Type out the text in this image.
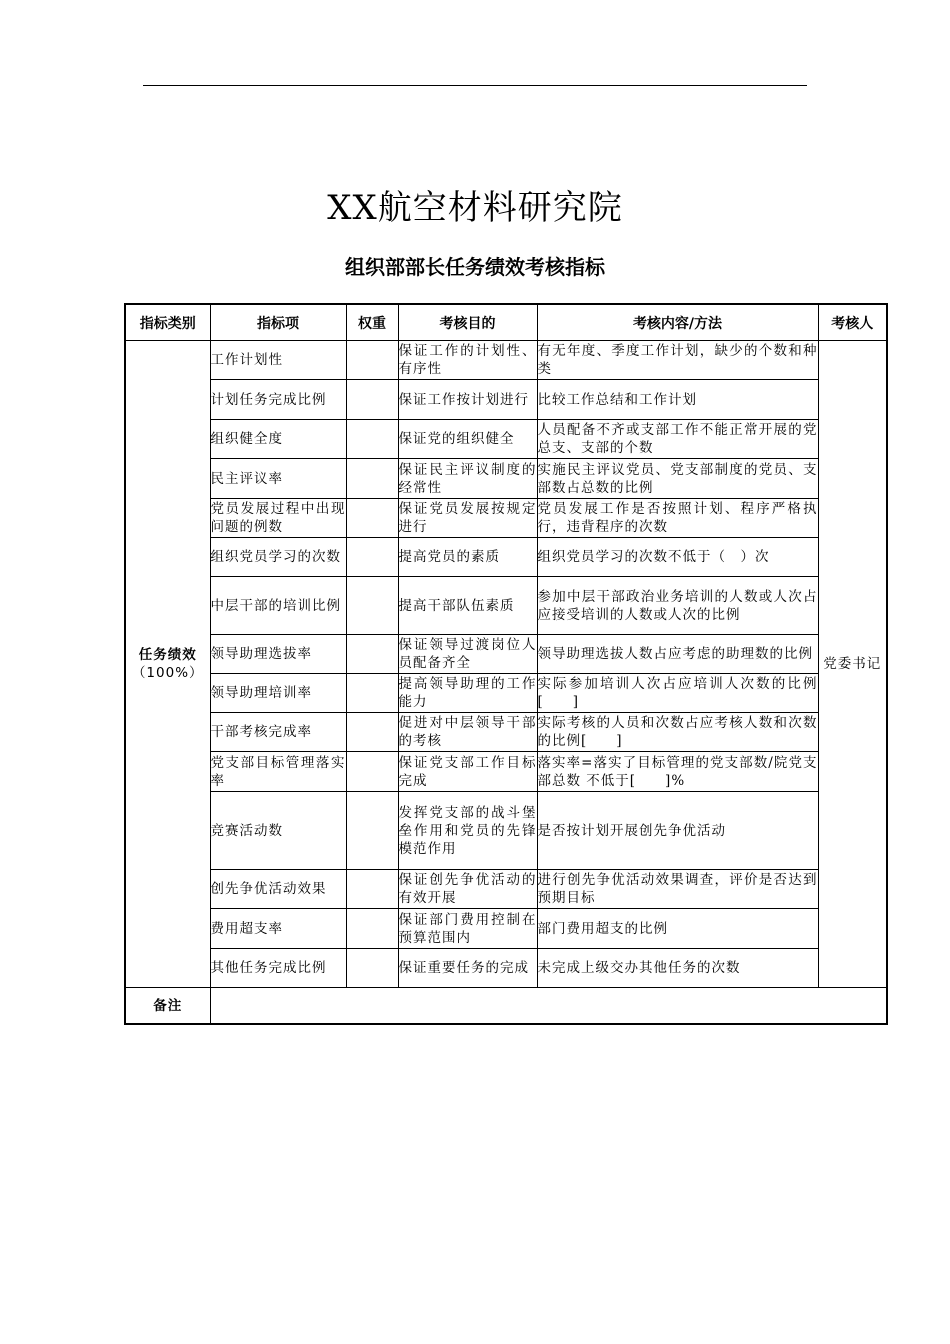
XX航空材料研究院
组织部部长任务绩效考核指标
指标类别	指标项	权重	考核目的	考核内容/方法	考核人

任务绩效
（100%）	工作计划性		保证工作的计划性、有序性	有无年度、季度工作计划，缺少的个数和种类	党委书记
	计划任务完成比例		保证工作按计划进行	比较工作总结和工作计划	
	组织健全度		保证党的组织健全	人员配备不齐或支部工作不能正常开展的党总支、支部的个数	
	民主评议率		保证民主评议制度的经常性	实施民主评议党员、党支部制度的党员、支部数占总数的比例	
	党员发展过程中出现问题的例数		保证党员发展按规定进行	党员发展工作是否按照计划、程序严格执行，违背程序的次数	
	组织党员学习的次数		提高党员的素质	组织党员学习的次数不低于（　）次	
	中层干部的培训比例		提高干部队伍素质	参加中层干部政治业务培训的人数或人次占应接受培训的人数或人次的比例	
	领导助理选拔率		保证领导过渡岗位人员配备齐全	领导助理选拔人数占应考虑的助理数的比例	
	领导助理培训率		提高领导助理的工作能力	实际参加培训人次占应培训人次数的比例[　　]	
	干部考核完成率		促进对中层领导干部的考核	实际考核的人员和次数占应考核人数和次数的比例[　　]	
	党支部目标管理落实率		保证党支部工作目标完成	落实率=落实了目标管理的党支部数/院党支部总数 不低于[　　]%	
	竞赛活动数		发挥党支部的战斗堡垒作用和党员的先锋模范作用	是否按计划开展创先争优活动	
	创先争优活动效果		保证创先争优活动的有效开展	进行创先争优活动效果调查，评价是否达到预期目标	
	费用超支率		保证部门费用控制在预算范围内	部门费用超支的比例	
	其他任务完成比例		保证重要任务的完成	未完成上级交办其他任务的次数	
备注					
